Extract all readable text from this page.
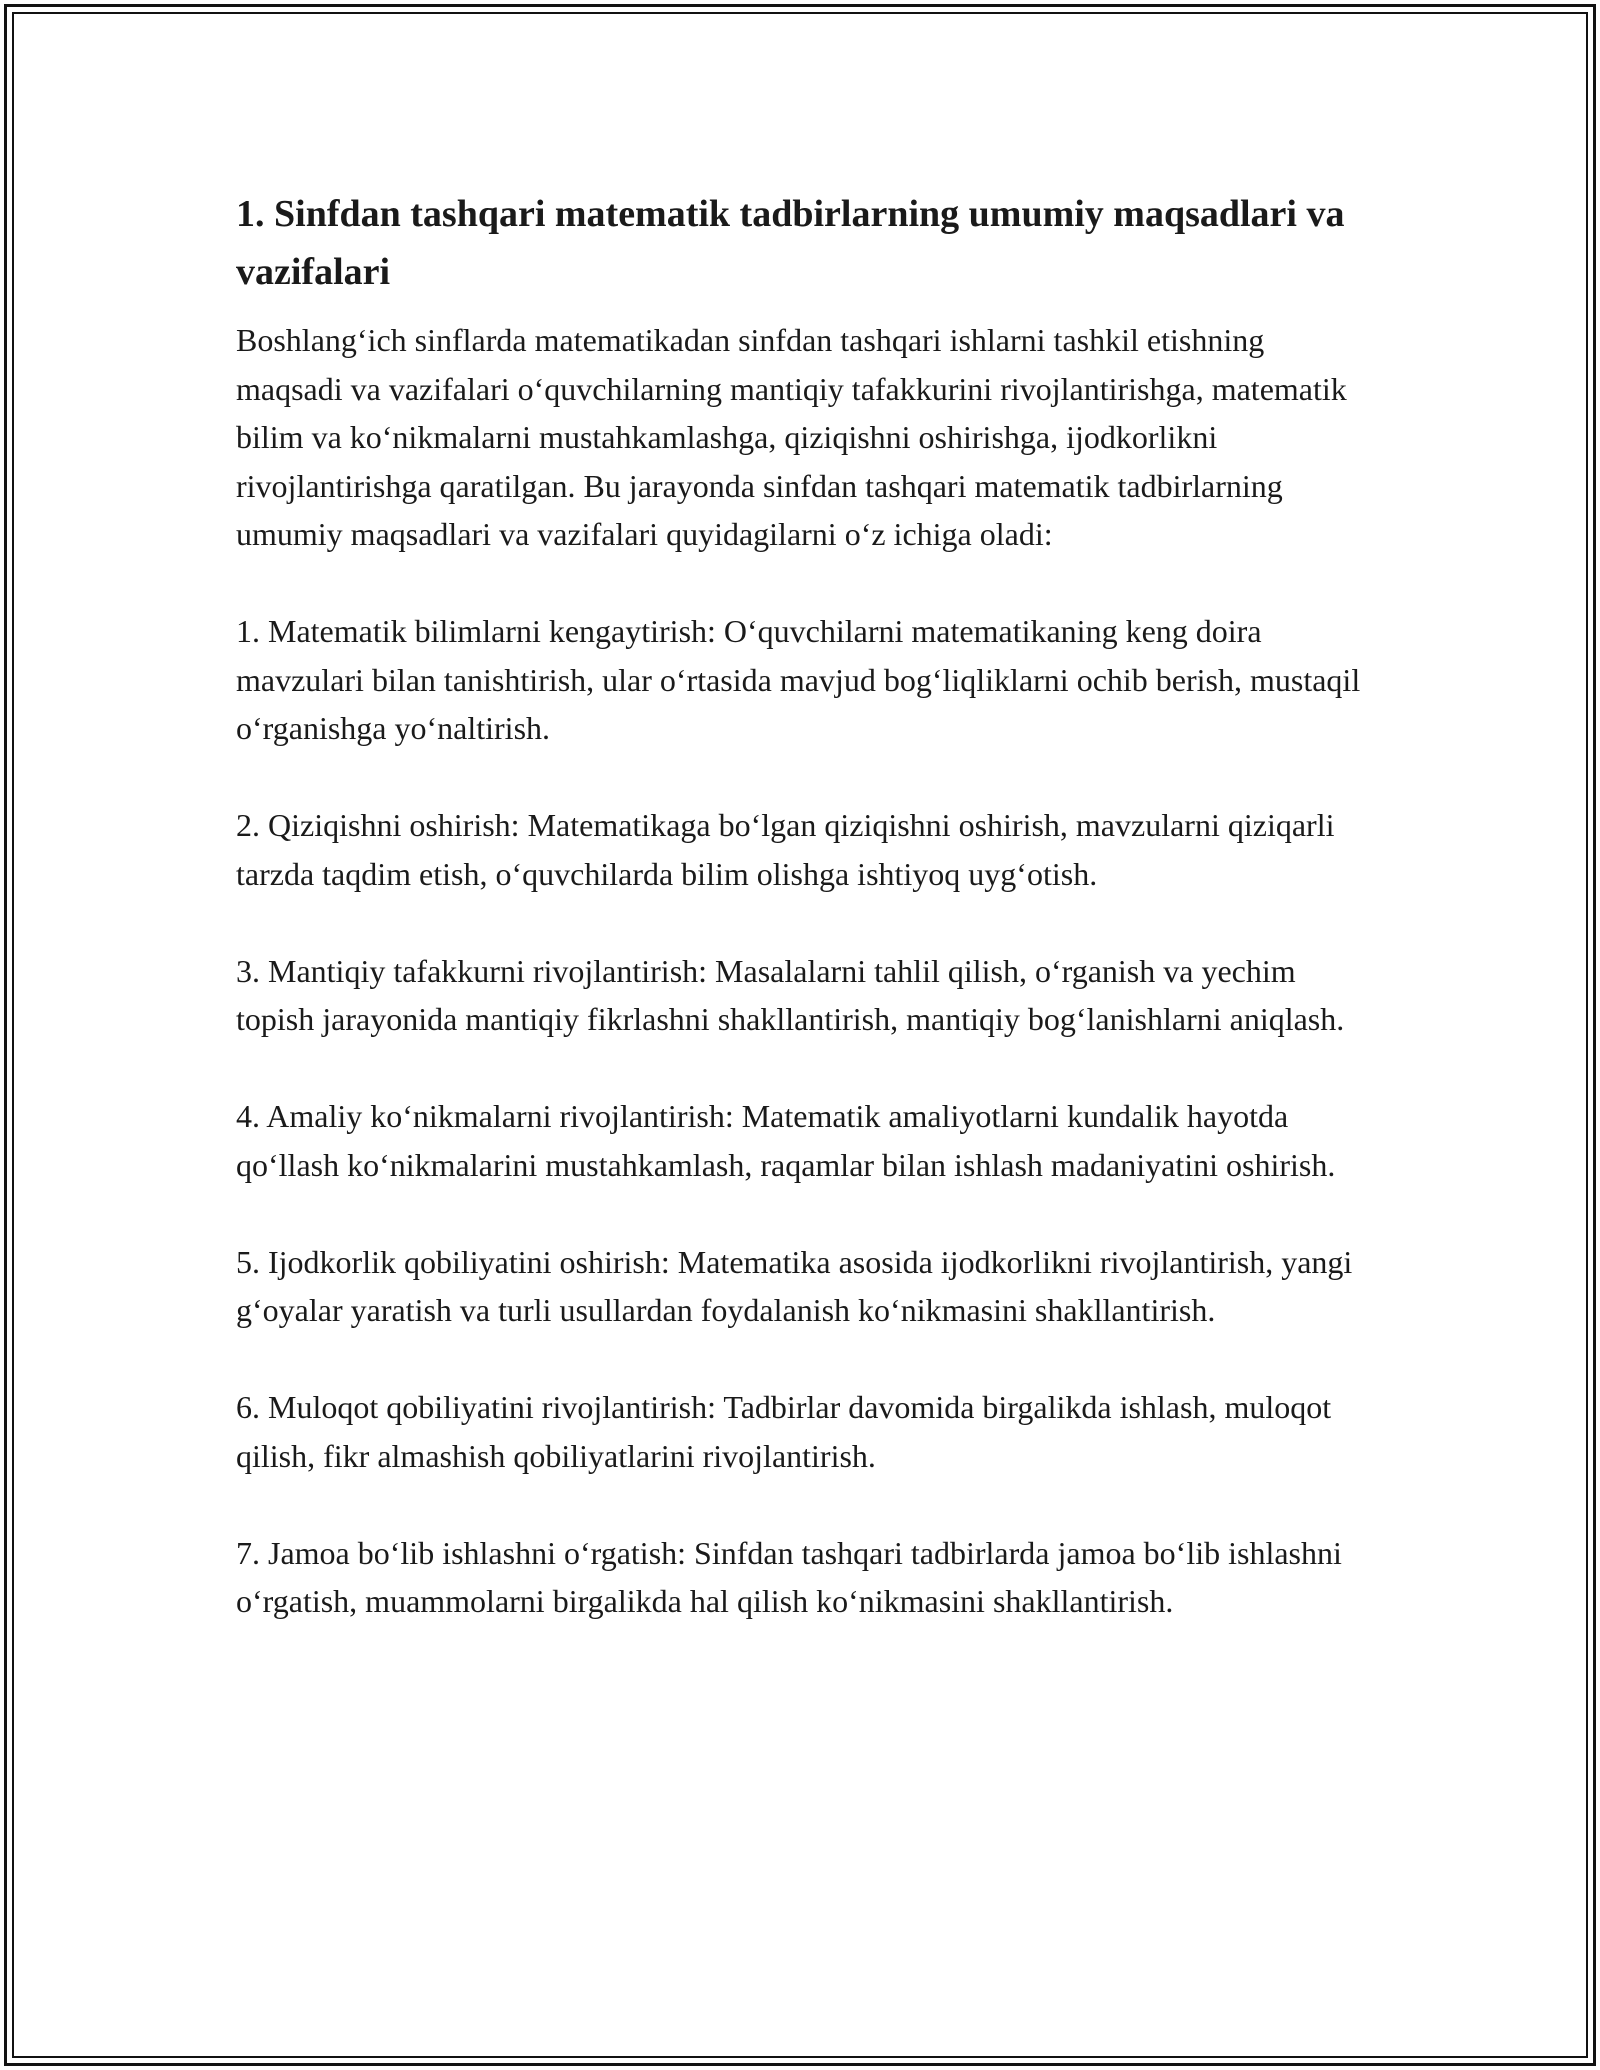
1. Sinfdan tashqari matematik tadbirlarning umumiy maqsadlari va vazifalari

Boshlang‘ich sinflarda matematikadan sinfdan tashqari ishlarni tashkil etishning maqsadi va vazifalari o‘quvchilarning mantiqiy tafakkurini rivojlantirishga, matematik bilim va ko‘nikmalarni mustahkamlashga, qiziqishni oshirishga, ijodkorlikni rivojlantirishga qaratilgan. Bu jarayonda sinfdan tashqari matematik tadbirlarning umumiy maqsadlari va vazifalari quyidagilarni o‘z ichiga oladi:

1. Matematik bilimlarni kengaytirish: O‘quvchilarni matematikaning keng doira mavzulari bilan tanishtirish, ular o‘rtasida mavjud bog‘liqliklarni ochib berish, mustaqil o‘rganishga yo‘naltirish.
2. Qiziqishni oshirish: Matematikaga bo‘lgan qiziqishni oshirish, mavzularni qiziqarli tarzda taqdim etish, o‘quvchilarda bilim olishga ishtiyoq uyg‘otish.
3. Mantiqiy tafakkurni rivojlantirish: Masalalarni tahlil qilish, o‘rganish va yechim topish jarayonida mantiqiy fikrlashni shakllantirish, mantiqiy bog‘lanishlarni aniqlash.
4. Amaliy ko‘nikmalarni rivojlantirish: Matematik amaliyotlarni kundalik hayotda qo‘llash ko‘nikmalarini mustahkamlash, raqamlar bilan ishlash madaniyatini oshirish.
5. Ijodkorlik qobiliyatini oshirish: Matematika asosida ijodkorlikni rivojlantirish, yangi g‘oyalar yaratish va turli usullardan foydalanish ko‘nikmasini shakllantirish.
6. Muloqot qobiliyatini rivojlantirish: Tadbirlar davomida birgalikda ishlash, muloqot qilish, fikr almashish qobiliyatlarini rivojlantirish.
7. Jamoa bo‘lib ishlashni o‘rgatish: Sinfdan tashqari tadbirlarda jamoa bo‘lib ishlashni o‘rgatish, muammolarni birgalikda hal qilish ko‘nikmasini shakllantirish.
